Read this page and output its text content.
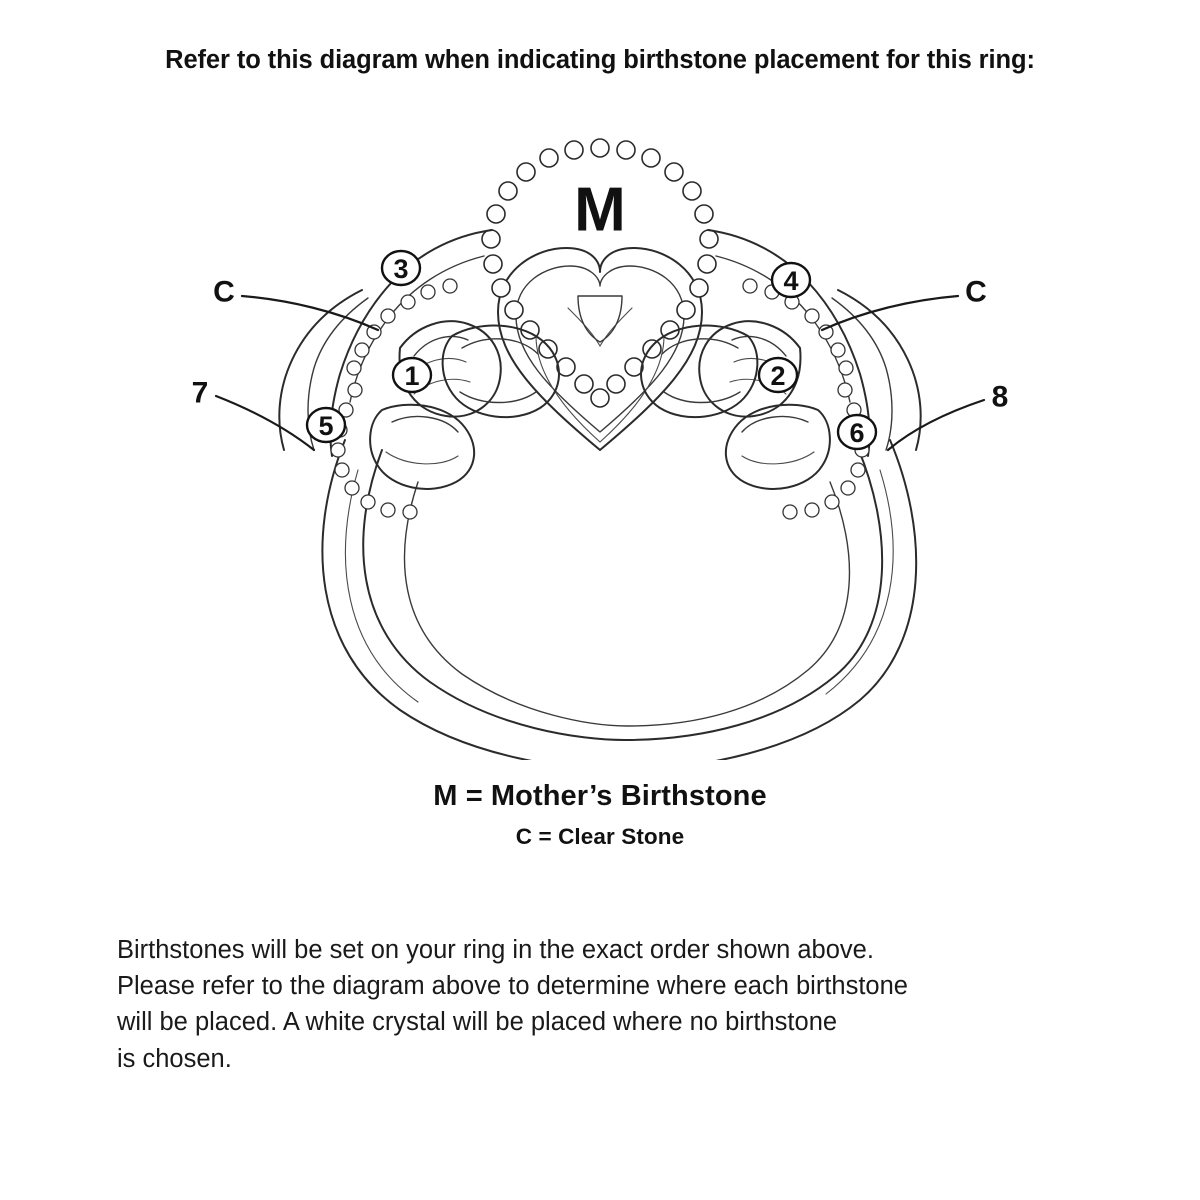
Refer to this diagram when indicating birthstone placement for this ring:
M
C	C
7	8
3	4
1	2
5	6
M = Mother’s Birthstone
C = Clear Stone
Birthstones will be set on your ring in the exact order shown above.
Please refer to the diagram above to determine where each birthstone
will be placed. A white crystal will be placed where no birthstone
is chosen.
